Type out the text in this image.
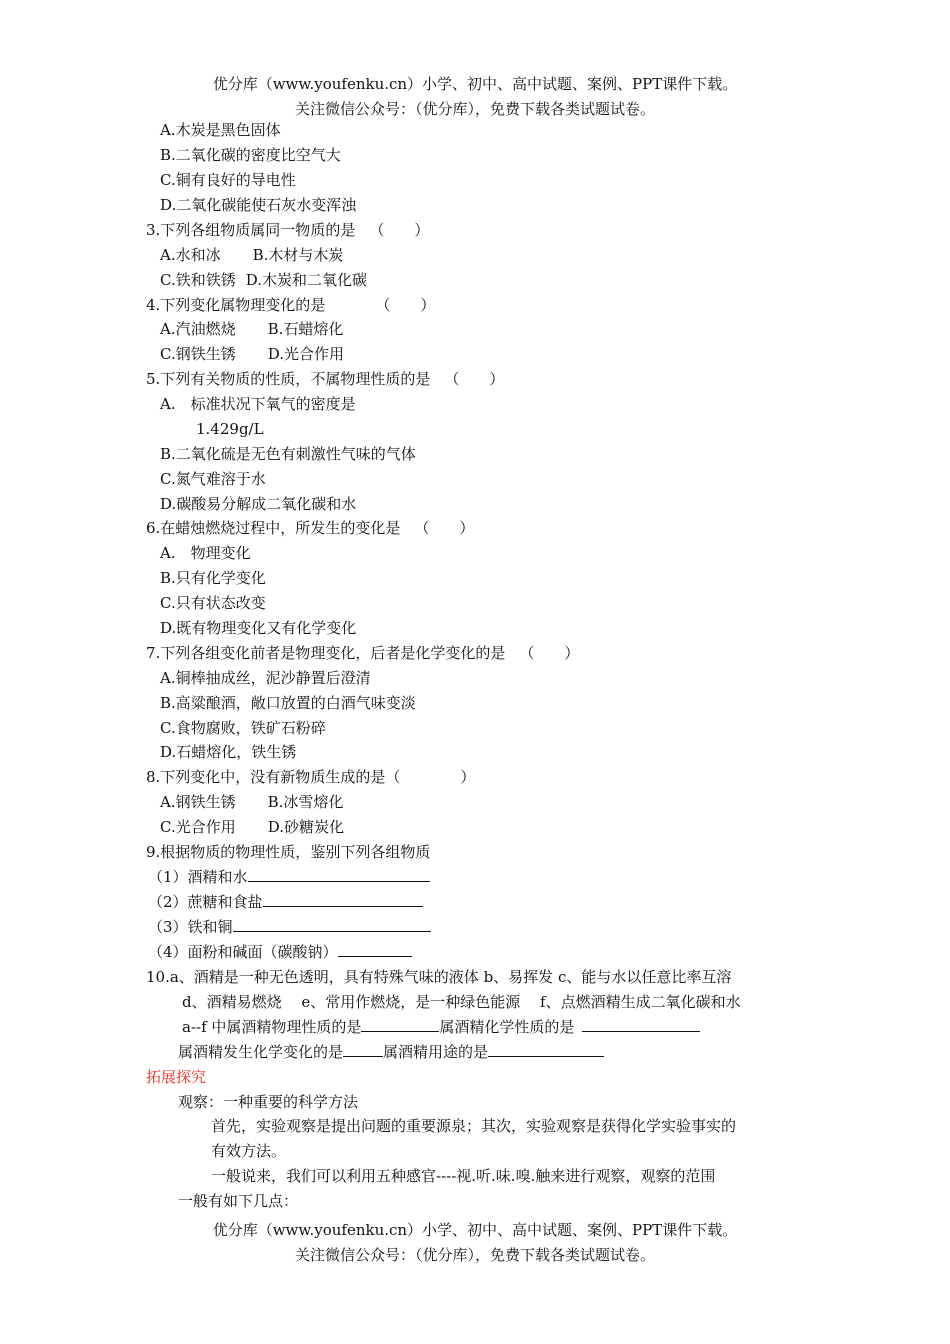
优分库（www.youfenku.cn）小学、初中、高中试题、案例、PPT课件下载。
关注微信公众号：（优分库），免费下载各类试题试卷。
A.木炭是黑色固体
B.二氧化碳的密度比空气大
C.铜有良好的导电性
D.二氧化碳能使石灰水变浑浊
3.下列各组物质属同一物质的是 （　　）
A.水和冰 B.木材与木炭
C.铁和铁锈 D.木炭和二氧化碳
4.下列变化属物理变化的是	（　　）
A.汽油燃烧 B.石蜡熔化
C.钢铁生锈 D.光合作用
5.下列有关物质的性质，不属物理性质的是 （　　）
A.　标准状况下氧气的密度是
1.429g/L
B.二氧化硫是无色有刺激性气味的气体
C.氮气难溶于水
D.碳酸易分解成二氧化碳和水
6.在蜡烛燃烧过程中，所发生的变化是 （　　）
A.　物理变化
B.只有化学变化
C.只有状态改变
D.既有物理变化又有化学变化
7.下列各组变化前者是物理变化，后者是化学变化的是 （　　）
A.铜棒抽成丝，泥沙静置后澄清
B.高粱酿酒，敞口放置的白酒气味变淡
C.食物腐败，铁矿石粉碎
D.石蜡熔化，铁生锈
8.下列变化中，没有新物质生成的是（　　　　）
A.钢铁生锈 B.冰雪熔化
C.光合作用 D.砂糖炭化
9.根据物质的物理性质，鉴别下列各组物质
（1）酒精和水
（2）蔗糖和食盐
（3）铁和铜
（4）面粉和碱面（碳酸钠）
10.a、酒精是一种无色透明，具有特殊气味的液体 b、易挥发 c、能与水以任意比率互溶
d、酒精易燃烧　 e、常用作燃烧，是一种绿色能源　 f、点燃酒精生成二氧化碳和水
a--f 中属酒精物理性质的是	属酒精化学性质的是
属酒精发生化学变化的是	属酒精用途的是
拓展探究
观察：一种重要的科学方法
首先，实验观察是提出问题的重要源泉；其次，实验观察是获得化学实验事实的
有效方法。
一般说来，我们可以利用五种感官----视.听.味.嗅.触来进行观察，观察的范围
一般有如下几点：
优分库（www.youfenku.cn）小学、初中、高中试题、案例、PPT课件下载。
关注微信公众号：（优分库），免费下载各类试题试卷。
